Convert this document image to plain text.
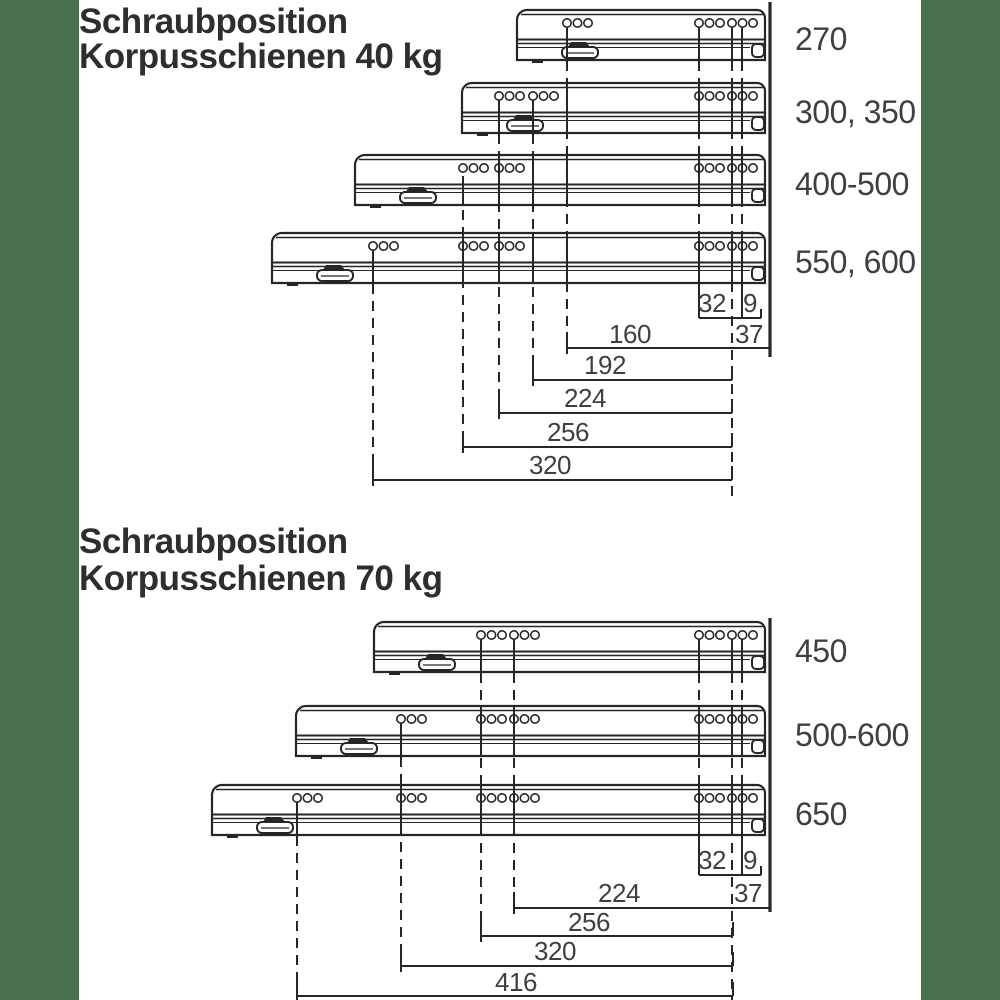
Schraubposition
Korpusschienen 40 kg	270
300, 350
400-500
550, 600
32 9
160	37
192
224
256
320
Schraubposition
Korpusschienen 70 kg
450
500-600
650
32 9
224	37
256
320
416
